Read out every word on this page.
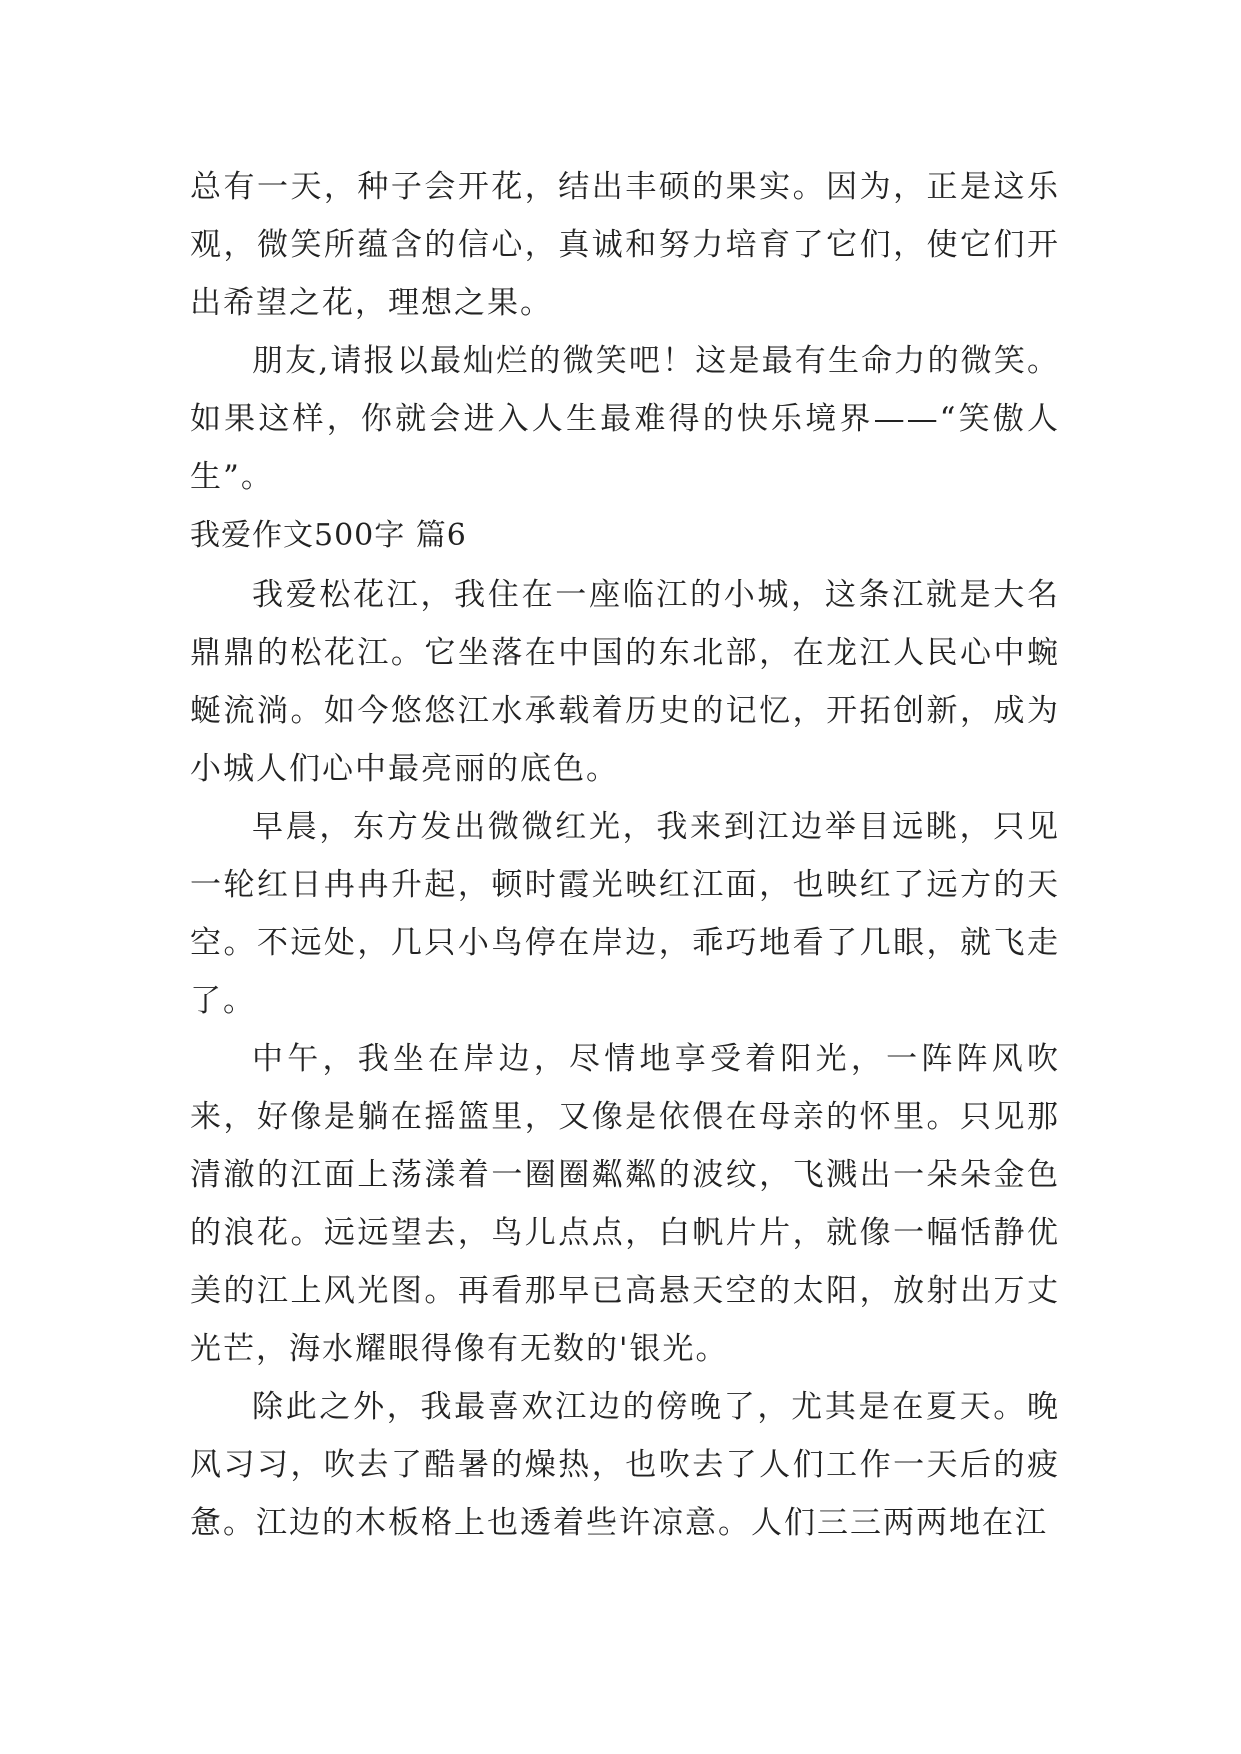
总有一天，种子会开花，结出丰硕的果实。因为，正是这乐观，微笑所蕴含的信心，真诚和努力培育了它们，使它们开出希望之花，理想之果。

朋友,请报以最灿烂的微笑吧！这是最有生命力的微笑。如果这样，你就会进入人生最难得的快乐境界——“笑傲人生”。

我爱作文500字 篇6

我爱松花江，我住在一座临江的小城，这条江就是大名鼎鼎的松花江。它坐落在中国的东北部，在龙江人民心中蜿蜒流淌。如今悠悠江水承载着历史的记忆，开拓创新，成为小城人们心中最亮丽的底色。

早晨，东方发出微微红光，我来到江边举目远眺，只见一轮红日冉冉升起，顿时霞光映红江面，也映红了远方的天空。不远处，几只小鸟停在岸边，乖巧地看了几眼，就飞走了。

中午，我坐在岸边，尽情地享受着阳光，一阵阵风吹来，好像是躺在摇篮里，又像是依偎在母亲的怀里。只见那清澈的江面上荡漾着一圈圈粼粼的波纹，飞溅出一朵朵金色的浪花。远远望去，鸟儿点点，白帆片片，就像一幅恬静优美的江上风光图。再看那早已高悬天空的太阳，放射出万丈光芒，海水耀眼得像有无数的'银光。

除此之外，我最喜欢江边的傍晚了，尤其是在夏天。晚风习习，吹去了酷暑的燥热，也吹去了人们工作一天后的疲惫。江边的木板格上也透着些许凉意。人们三三两两地在江
